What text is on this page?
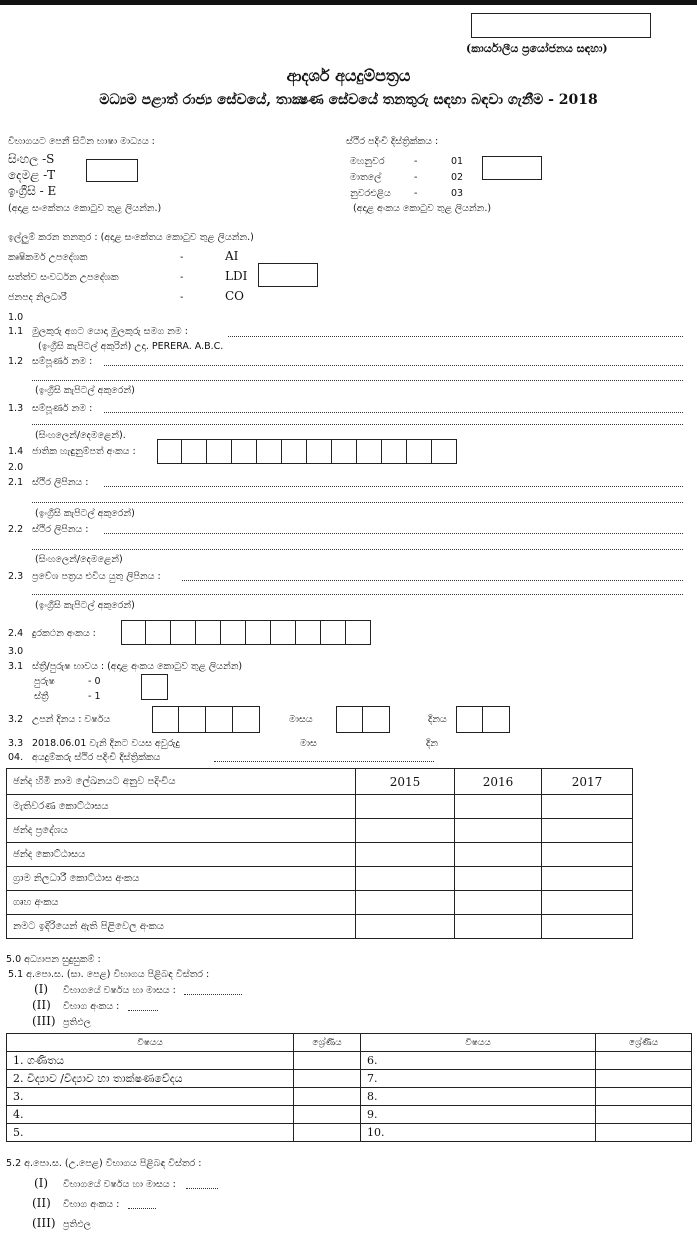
(කාර්යාලීය ප්‍රයෝජනය සඳහා)
ආදර්ශ අයදුම්පත්‍රය
මධ්‍යම පළාත් රාජ්‍ය සේවයේ, තාක්‍ෂණ සේවයේ තනතුරු සඳහා බඳවා ගැනීම - 2018
විභාගයට පෙනී සිටින භාෂා මාධ්‍යය :
සිංහල -S
දෙමළ -T
ඉංග්‍රීසි - E
(අදාළ සංකේතය කොටුව තුළ ලියන්න.)
ස්ථිර පදිංචි දිස්ත්‍රික්කය :
මහනුවර	-	01
මාතලේ	-	02
නුවරඑළිය -	03
(අදාළ අංකය කොටුව තුළ ලියන්න.)
ඉල්ලුම් කරන තනතුර : (අදාළ සංකේතය කොටුව තුළ ලියන්න.)
කෘෂිකර්ම උපදේශක	-	AI
සත්ත්ව සංවර්ධන උපදේශක	-	LDI
ජනපද නිලධාරී	-	CO
1.0
1.1 මුලකුරු අගට යොදා මුලකුරු සමග නම :
(ඉංග්‍රීසි කැපිටල් අකුරින්) උදා. PERERA. A.B.C.
1.2 සම්පූර්ණ නම :
(ඉංග්‍රීසි කැපිටල් අකුරෙන්)
1.3 සම්පූර්ණ නම :
(සිංහලෙන්/දෙමළෙන්).
1.4 ජාතික හැඳුනුම්පත් අංකය :
2.0
2.1 ස්ථිර ලිපිනය :
(ඉංග්‍රීසි කැපිටල් අකුරෙන්)
2.2 ස්ථිර ලිපිනය :
(සිංහලෙන්/දෙමළෙන්)
2.3 ප්‍රවේශ පත්‍රය එවිය යුතු ලිපිනය :
(ඉංග්‍රීසි කැපිටල් අකුරෙන්)
2.4 දුරකථන අංකය :
3.0
3.1 ස්ත්‍රී/පුරුෂ භාවය : (අදාළ අංකය කොටුව තුළ ලියන්න)
පුරුෂ	- 0
ස්ත්‍රී	- 1
3.2 උපන් දිනය : වර්ෂය	මාසය	දිනය
3.3 2018.06.01 වැනි දිනට වයස අවුරුදු	මාස	දින
04. අයදුම්කරු ස්ථිර පදිංචි දිස්ත්‍රික්කය
ඡන්ද හිමි නාම ලේඛනයට අනුව පදිංචිය	2015	2016	2017
මැතිවරණ කොට්ඨාසය			
ඡන්ද ප්‍රදේශය			
ඡන්ද කොට්ඨාසය			
ග්‍රාම නිලධාරී කොට්ඨාස අංකය			
ගෘහ අංකය			
නමට ඉදිරියෙන් ඇති පිළිවෙල අංකය			
5.0 අධ්‍යාපන සුදුසුකම් :
5.1 අ.පො.ස. (සා. පෙළ) විභාගය පිළිබඳ විස්තර :
(I) විභාගයේ වර්ෂය හා මාසය :
(II) විභාග අංකය :
(III) ප්‍රතිඵල
විෂයය	ශ්‍රේණිය	විෂයය	ශ්‍රේණිය
1. ගණිතය		6.	
2. විද්‍යාව /විද්‍යාව හා තාක්ෂණවේදය		7.	
3.		8.	
4.		9.	
5.		10.	
5.2 අ.පො.ස. (උ.පෙළ) විභාගය පිළිබඳ විස්තර :
(I) විභාගයේ වර්ෂය හා මාසය :
(II) විභාග අංකය :
(III) ප්‍රතිඵල
